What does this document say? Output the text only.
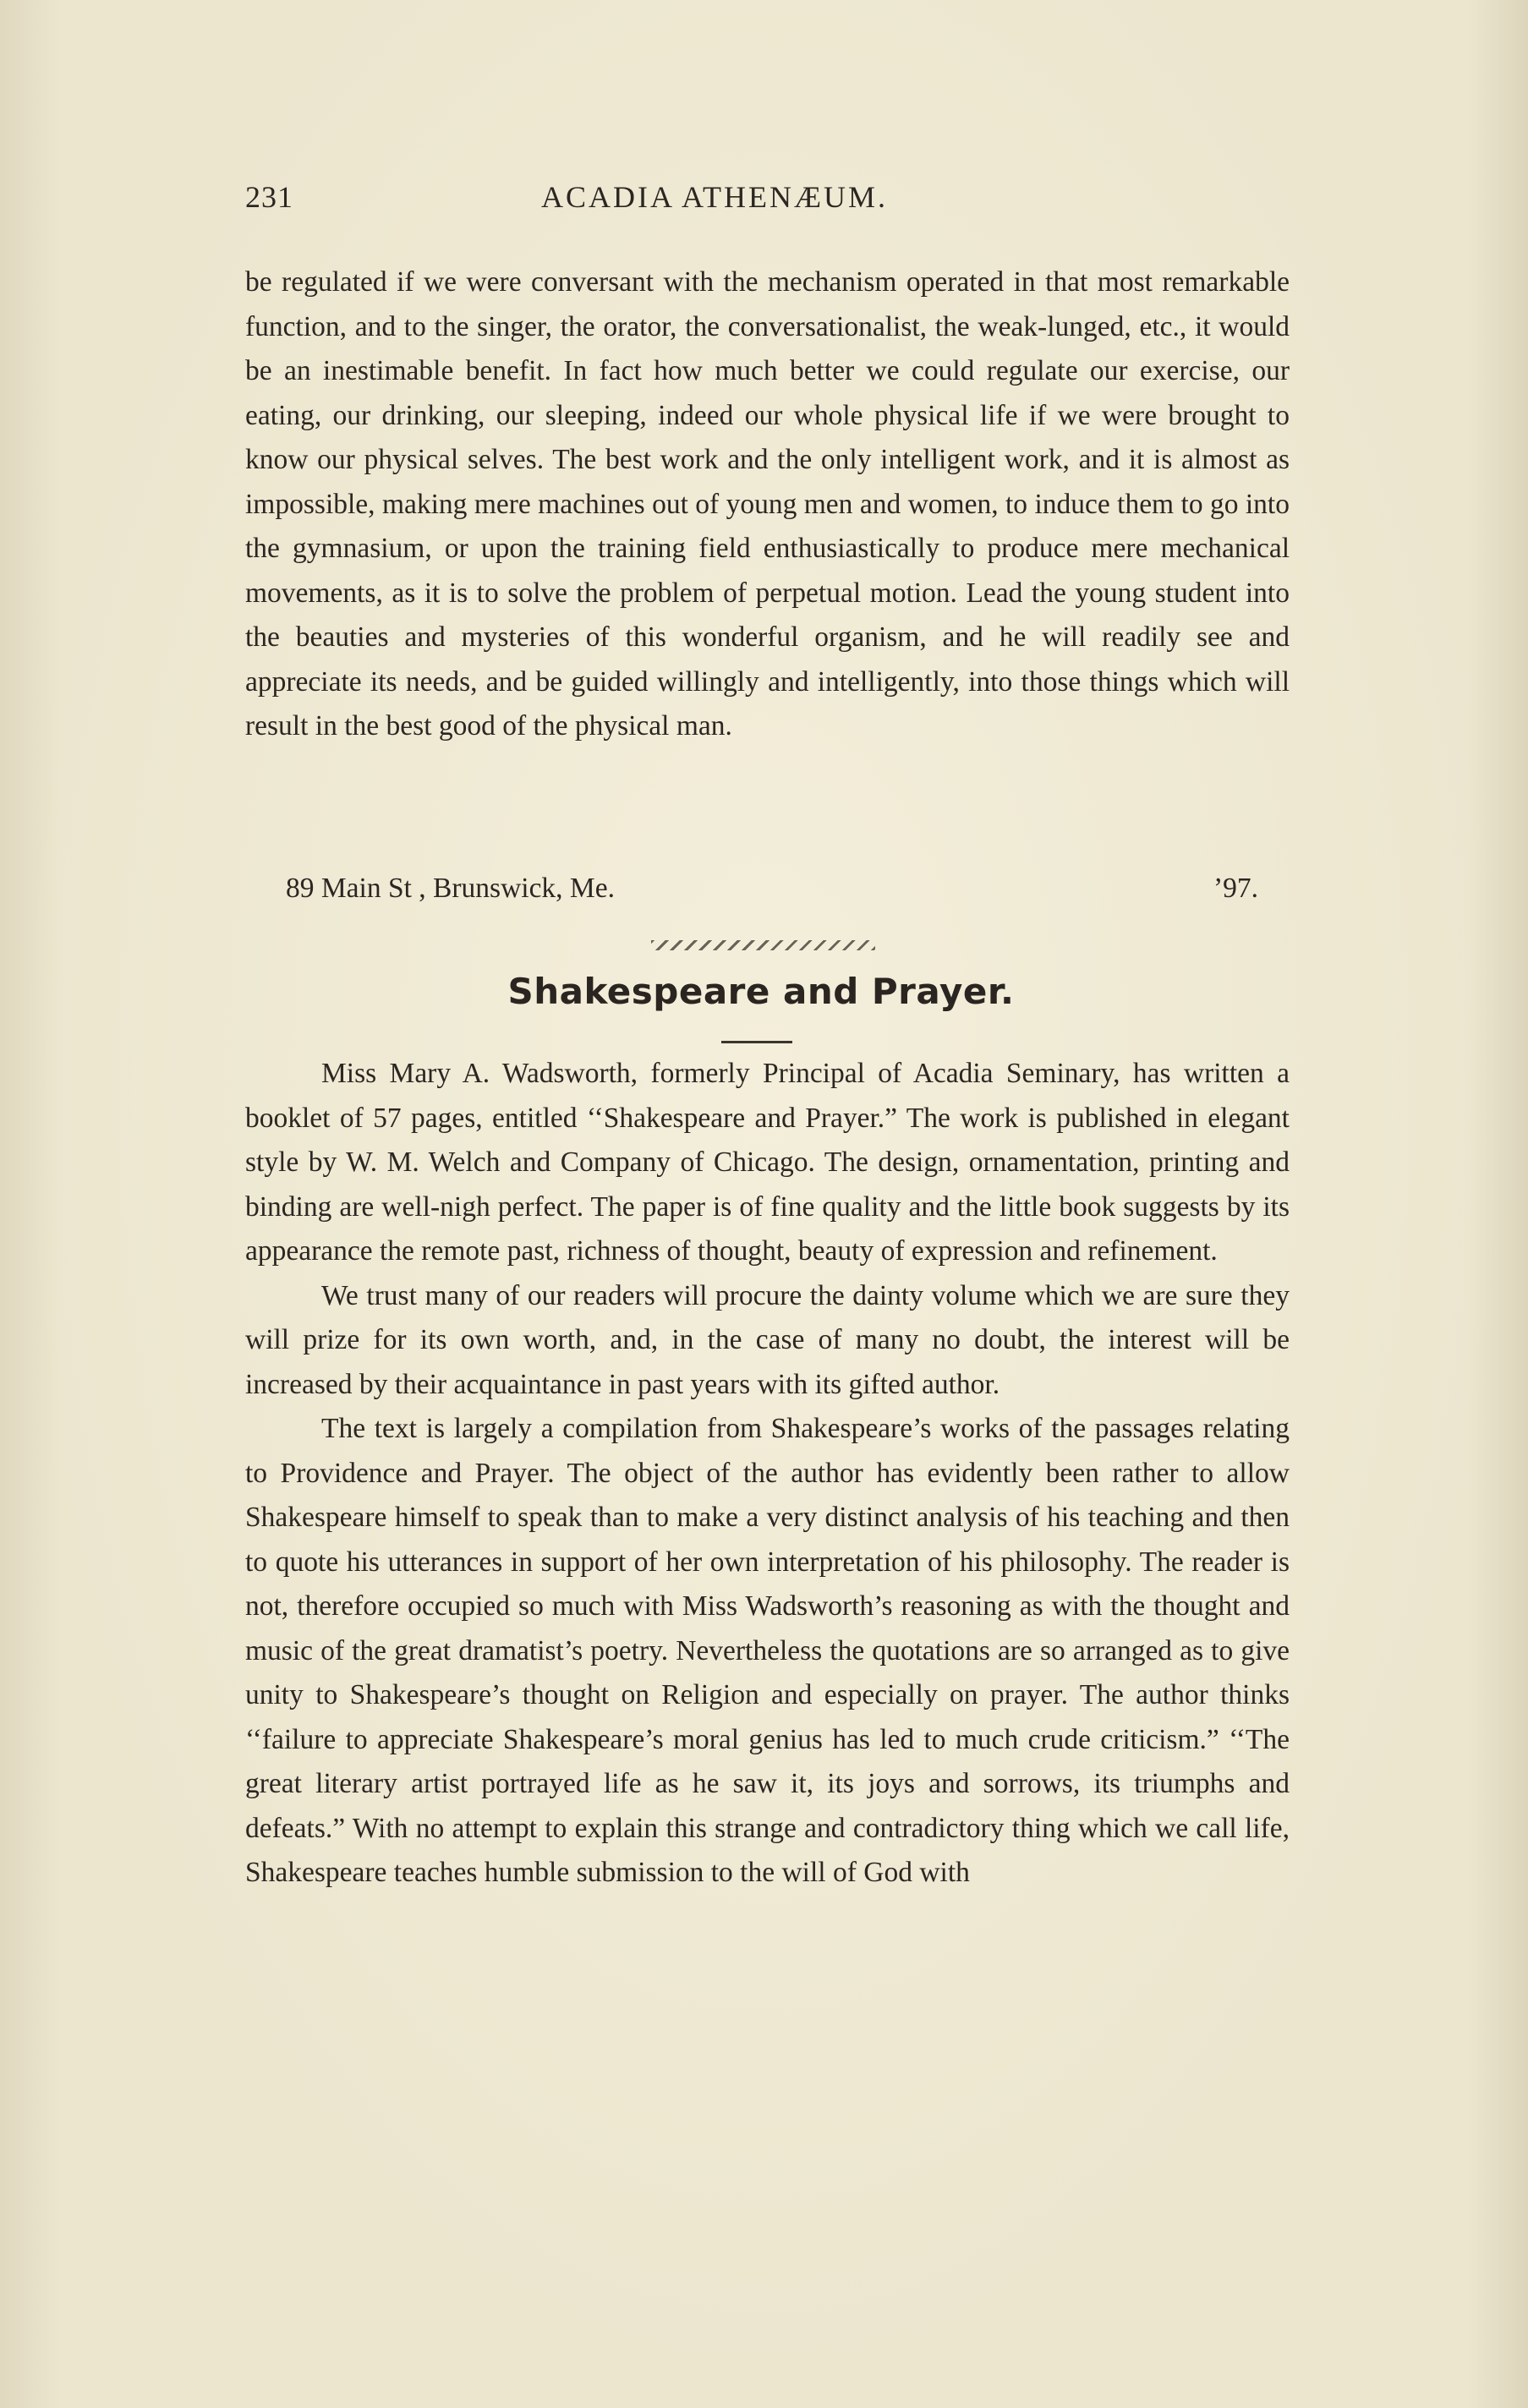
231	ACADIA ATHENÆUM.

be regulated if we were conversant with the mechanism operated in that most remarkable function, and to the singer, the orator, the conversationalist, the weak-lunged, etc., it would be an inestimable benefit. In fact how much better we could regulate our exercise, our eating, our drinking, our sleeping, indeed our whole physical life if we were brought to know our physical selves. The best work and the only intelligent work, and it is almost as impossible, making mere machines out of young men and women, to induce them to go into the gymnasium, or upon the training field enthusiastically to produce mere mechanical movements, as it is to solve the problem of perpetual motion. Lead the young student into the beauties and mysteries of this wonderful organism, and he will readily see and appreciate its needs, and be guided willingly and intelligently, into those things which will result in the best good of the physical man.

89 Main St , Brunswick, Me.	’97.
Shakespeare and Prayer.

Miss Mary A. Wadsworth, formerly Principal of Acadia Seminary, has written a booklet of 57 pages, entitled ‘‘Shakespeare and Prayer.” The work is published in elegant style by W. M. Welch and Company of Chicago. The design, ornamentation, printing and binding are well-nigh perfect. The paper is of fine quality and the little book suggests by its appearance the remote past, richness of thought, beauty of expression and refinement.

We trust many of our readers will procure the dainty volume which we are sure they will prize for its own worth, and, in the case of many no doubt, the interest will be increased by their acquaintance in past years with its gifted author.

The text is largely a compilation from Shakespeare’s works of the passages relating to Providence and Prayer. The object of the author has evidently been rather to allow Shakespeare himself to speak than to make a very distinct analysis of his teaching and then to quote his utterances in support of her own interpretation of his philosophy. The reader is not, therefore occupied so much with Miss Wadsworth’s reasoning as with the thought and music of the great dramatist’s poetry. Nevertheless the quotations are so arranged as to give unity to Shakespeare’s thought on Religion and especially on prayer. The author thinks ‘‘failure to appreciate Shakespeare’s moral genius has led to much crude criticism.” ‘‘The great literary artist portrayed life as he saw it, its joys and sorrows, its triumphs and defeats.” With no attempt to explain this strange and contradictory thing which we call life, Shakespeare teaches humble submission to the will of God with
